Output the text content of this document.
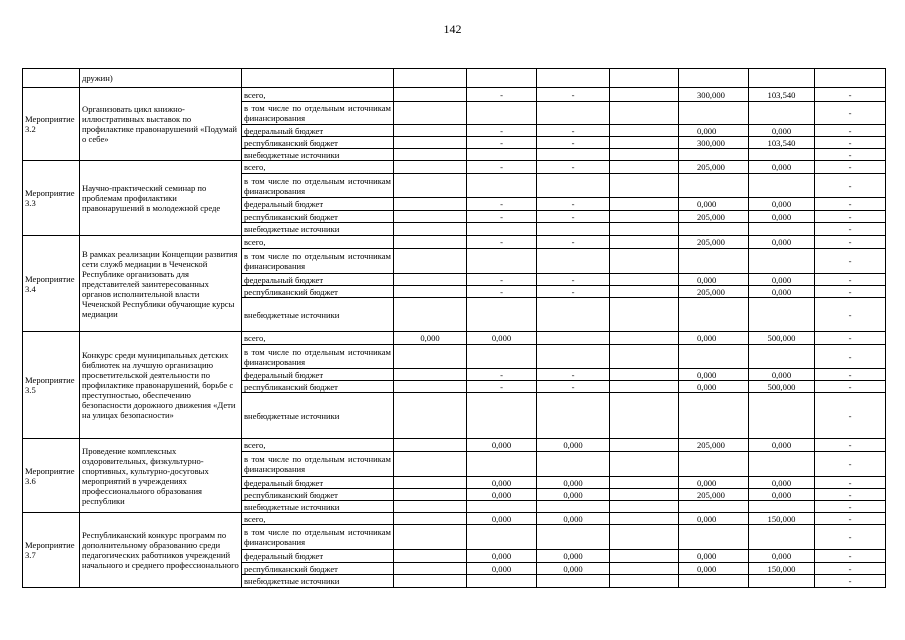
142
	дружин)									
Мероприятие 3.2	Организовать цикл книжно-иллюстративных выставок по профилактике правонарушений «Подумай о себе»	всего,		-	-		300,000	103,540	-	
		в том числе по отдельным источникам финансирования							-	
		федеральный бюджет		-	-		0,000	0,000	-	
		республиканский бюджет		-	-		300,000	103,540	-	
		внебюджетные источники							-	
Мероприятие 3.3	Научно-практический семинар по проблемам профилактики правонарушений в молодежной среде	всего,		-	-		205,000	0,000	-	
		в том числе по отдельным источникам финансирования							-	
		федеральный бюджет		-	-		0,000	0,000	-	
		республиканский бюджет		-	-		205,000	0,000	-	
		внебюджетные источники							-	
Мероприятие 3.4	В рамках реализации Концепции развития сети служб медиации в Чеченской Республике организовать для представителей заинтересованных органов исполнительной власти Чеченской Республики обучающие курсы медиации	всего,		-	-		205,000	0,000	-	
		в том числе по отдельным источникам финансирования							-	
		федеральный бюджет		-	-		0,000	0,000	-	
		республиканский бюджет		-	-		205,000	0,000	-	
		внебюджетные источники							-	
Мероприятие 3.5	Конкурс среди муниципальных детских библиотек на лучшую организацию просветительской деятельности по профилактике правонарушений, борьбе с преступностью, обеспечению безопасности дорожного движения «Дети на улицах безопасности»	всего,	0,000	0,000			0,000	500,000	-	
		в том числе по отдельным источникам финансирования							-	
		федеральный бюджет		-	-		0,000	0,000	-	
		республиканский бюджет		-	-		0,000	500,000	-	
		внебюджетные источники							-	
Мероприятие 3.6	Проведение комплексных оздоровительных, физкультурно-спортивных, культурно-досуговых мероприятий в учреждениях профессионального образования республики	всего,		0,000	0,000		205,000	0,000	-	
		в том числе по отдельным источникам финансирования							-	
		федеральный бюджет		0,000	0,000		0,000	0,000	-	
		республиканский бюджет		0,000	0,000		205,000	0,000	-	
		внебюджетные источники							-	
Мероприятие 3.7	Республиканский конкурс программ по дополнительному образованию среди педагогических работников учреждений начального и среднего профессионального	всего,		0,000	0,000		0,000	150,000	-	
		в том числе по отдельным источникам финансирования							-	
		федеральный бюджет		0,000	0,000		0,000	0,000	-	
		республиканский бюджет		0,000	0,000		0,000	150,000	-	
		внебюджетные источники							-	
